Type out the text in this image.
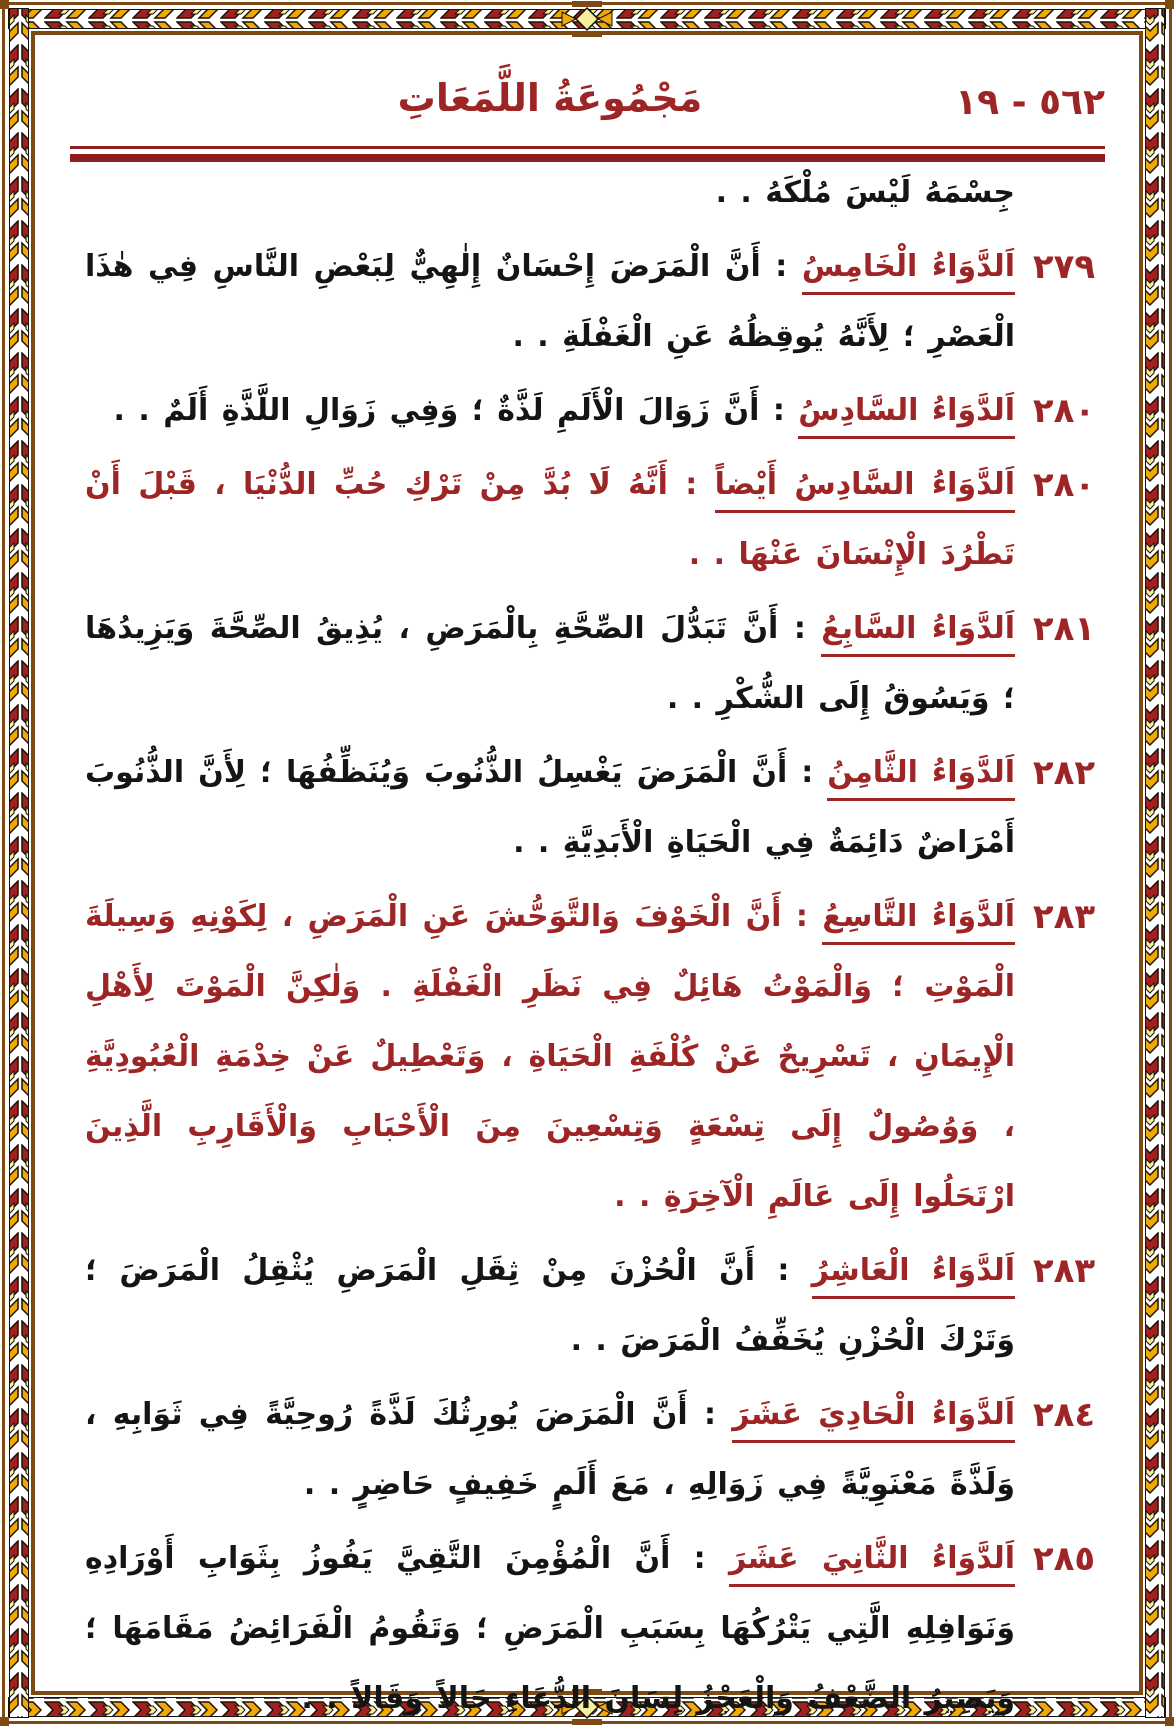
٥٦٢ - ١٩
مَجْمُوعَةُ اللَّمَعَاتِ
جِسْمَهُ لَيْسَ مُلْكَهُ . .
٢٧٩
اَلدَّوَاءُ الْخَامِسُ : أَنَّ الْمَرَضَ إِحْسَانٌ إِلٰهِيٌّ لِبَعْضِ النَّاسِ فِي هٰذَا الْعَصْرِ ؛ لِأَنَّهُ يُوقِظُهُ عَنِ الْغَفْلَةِ . .
٢٨٠
اَلدَّوَاءُ السَّادِسُ : أَنَّ زَوَالَ الْأَلَمِ لَذَّةٌ ؛ وَفِي زَوَالِ اللَّذَّةِ أَلَمٌ . .
٢٨٠
اَلدَّوَاءُ السَّادِسُ أَيْضاً : أَنَّهُ لَا بُدَّ مِنْ تَرْكِ حُبِّ الدُّنْيَا ، قَبْلَ أَنْ تَطْرُدَ الْإِنْسَانَ عَنْهَا . .
٢٨١
اَلدَّوَاءُ السَّابِعُ : أَنَّ تَبَدُّلَ الصِّحَّةِ بِالْمَرَضِ ، يُذِيقُ الصِّحَّةَ وَيَزِيدُهَا ؛ وَيَسُوقُ إِلَى الشُّكْرِ . .
٢٨٢
اَلدَّوَاءُ الثَّامِنُ : أَنَّ الْمَرَضَ يَغْسِلُ الذُّنُوبَ وَيُنَظِّفُهَا ؛ لِأَنَّ الذُّنُوبَ أَمْرَاضٌ دَائِمَةٌ فِي الْحَيَاةِ الْأَبَدِيَّةِ . .
٢٨٣
اَلدَّوَاءُ التَّاسِعُ : أَنَّ الْخَوْفَ وَالتَّوَحُّشَ عَنِ الْمَرَضِ ، لِكَوْنِهِ وَسِيلَةَ الْمَوْتِ ؛ وَالْمَوْتُ هَائِلٌ فِي نَظَرِ الْغَفْلَةِ . وَلٰكِنَّ الْمَوْتَ لِأَهْلِ الْإِيمَانِ ، تَسْرِيحٌ عَنْ كُلْفَةِ الْحَيَاةِ ، وَتَعْطِيلٌ عَنْ خِدْمَةِ الْعُبُودِيَّةِ ، وَوُصُولٌ إِلَى تِسْعَةٍ وَتِسْعِينَ مِنَ الْأَحْبَابِ وَالْأَقَارِبِ الَّذِينَ ارْتَحَلُوا إِلَى عَالَمِ الْآخِرَةِ . .
٢٨٣
اَلدَّوَاءُ الْعَاشِرُ : أَنَّ الْحُزْنَ مِنْ ثِقَلِ الْمَرَضِ يُثْقِلُ الْمَرَضَ ؛ وَتَرْكَ الْحُزْنِ يُخَفِّفُ الْمَرَضَ . .
٢٨٤
اَلدَّوَاءُ الْحَادِيَ عَشَرَ : أَنَّ الْمَرَضَ يُورِثُكَ لَذَّةً رُوحِيَّةً فِي ثَوَابِهِ ، وَلَذَّةً مَعْنَوِيَّةً فِي زَوَالِهِ ، مَعَ أَلَمٍ خَفِيفٍ حَاضِرٍ . .
٢٨٥
اَلدَّوَاءُ الثَّانِيَ عَشَرَ : أَنَّ الْمُؤْمِنَ التَّقِيَّ يَفُوزُ بِثَوَابِ أَوْرَادِهِ وَنَوَافِلِهِ الَّتِي يَتْرُكُهَا بِسَبَبِ الْمَرَضِ ؛ وَتَقُومُ الْفَرَائِضُ مَقَامَهَا ؛ وَيَصِيرُ الضَّعْفُ وَالْعَجْزُ لِسَانَ الدُّعَاءِ حَالاً وَقَالاً . .
